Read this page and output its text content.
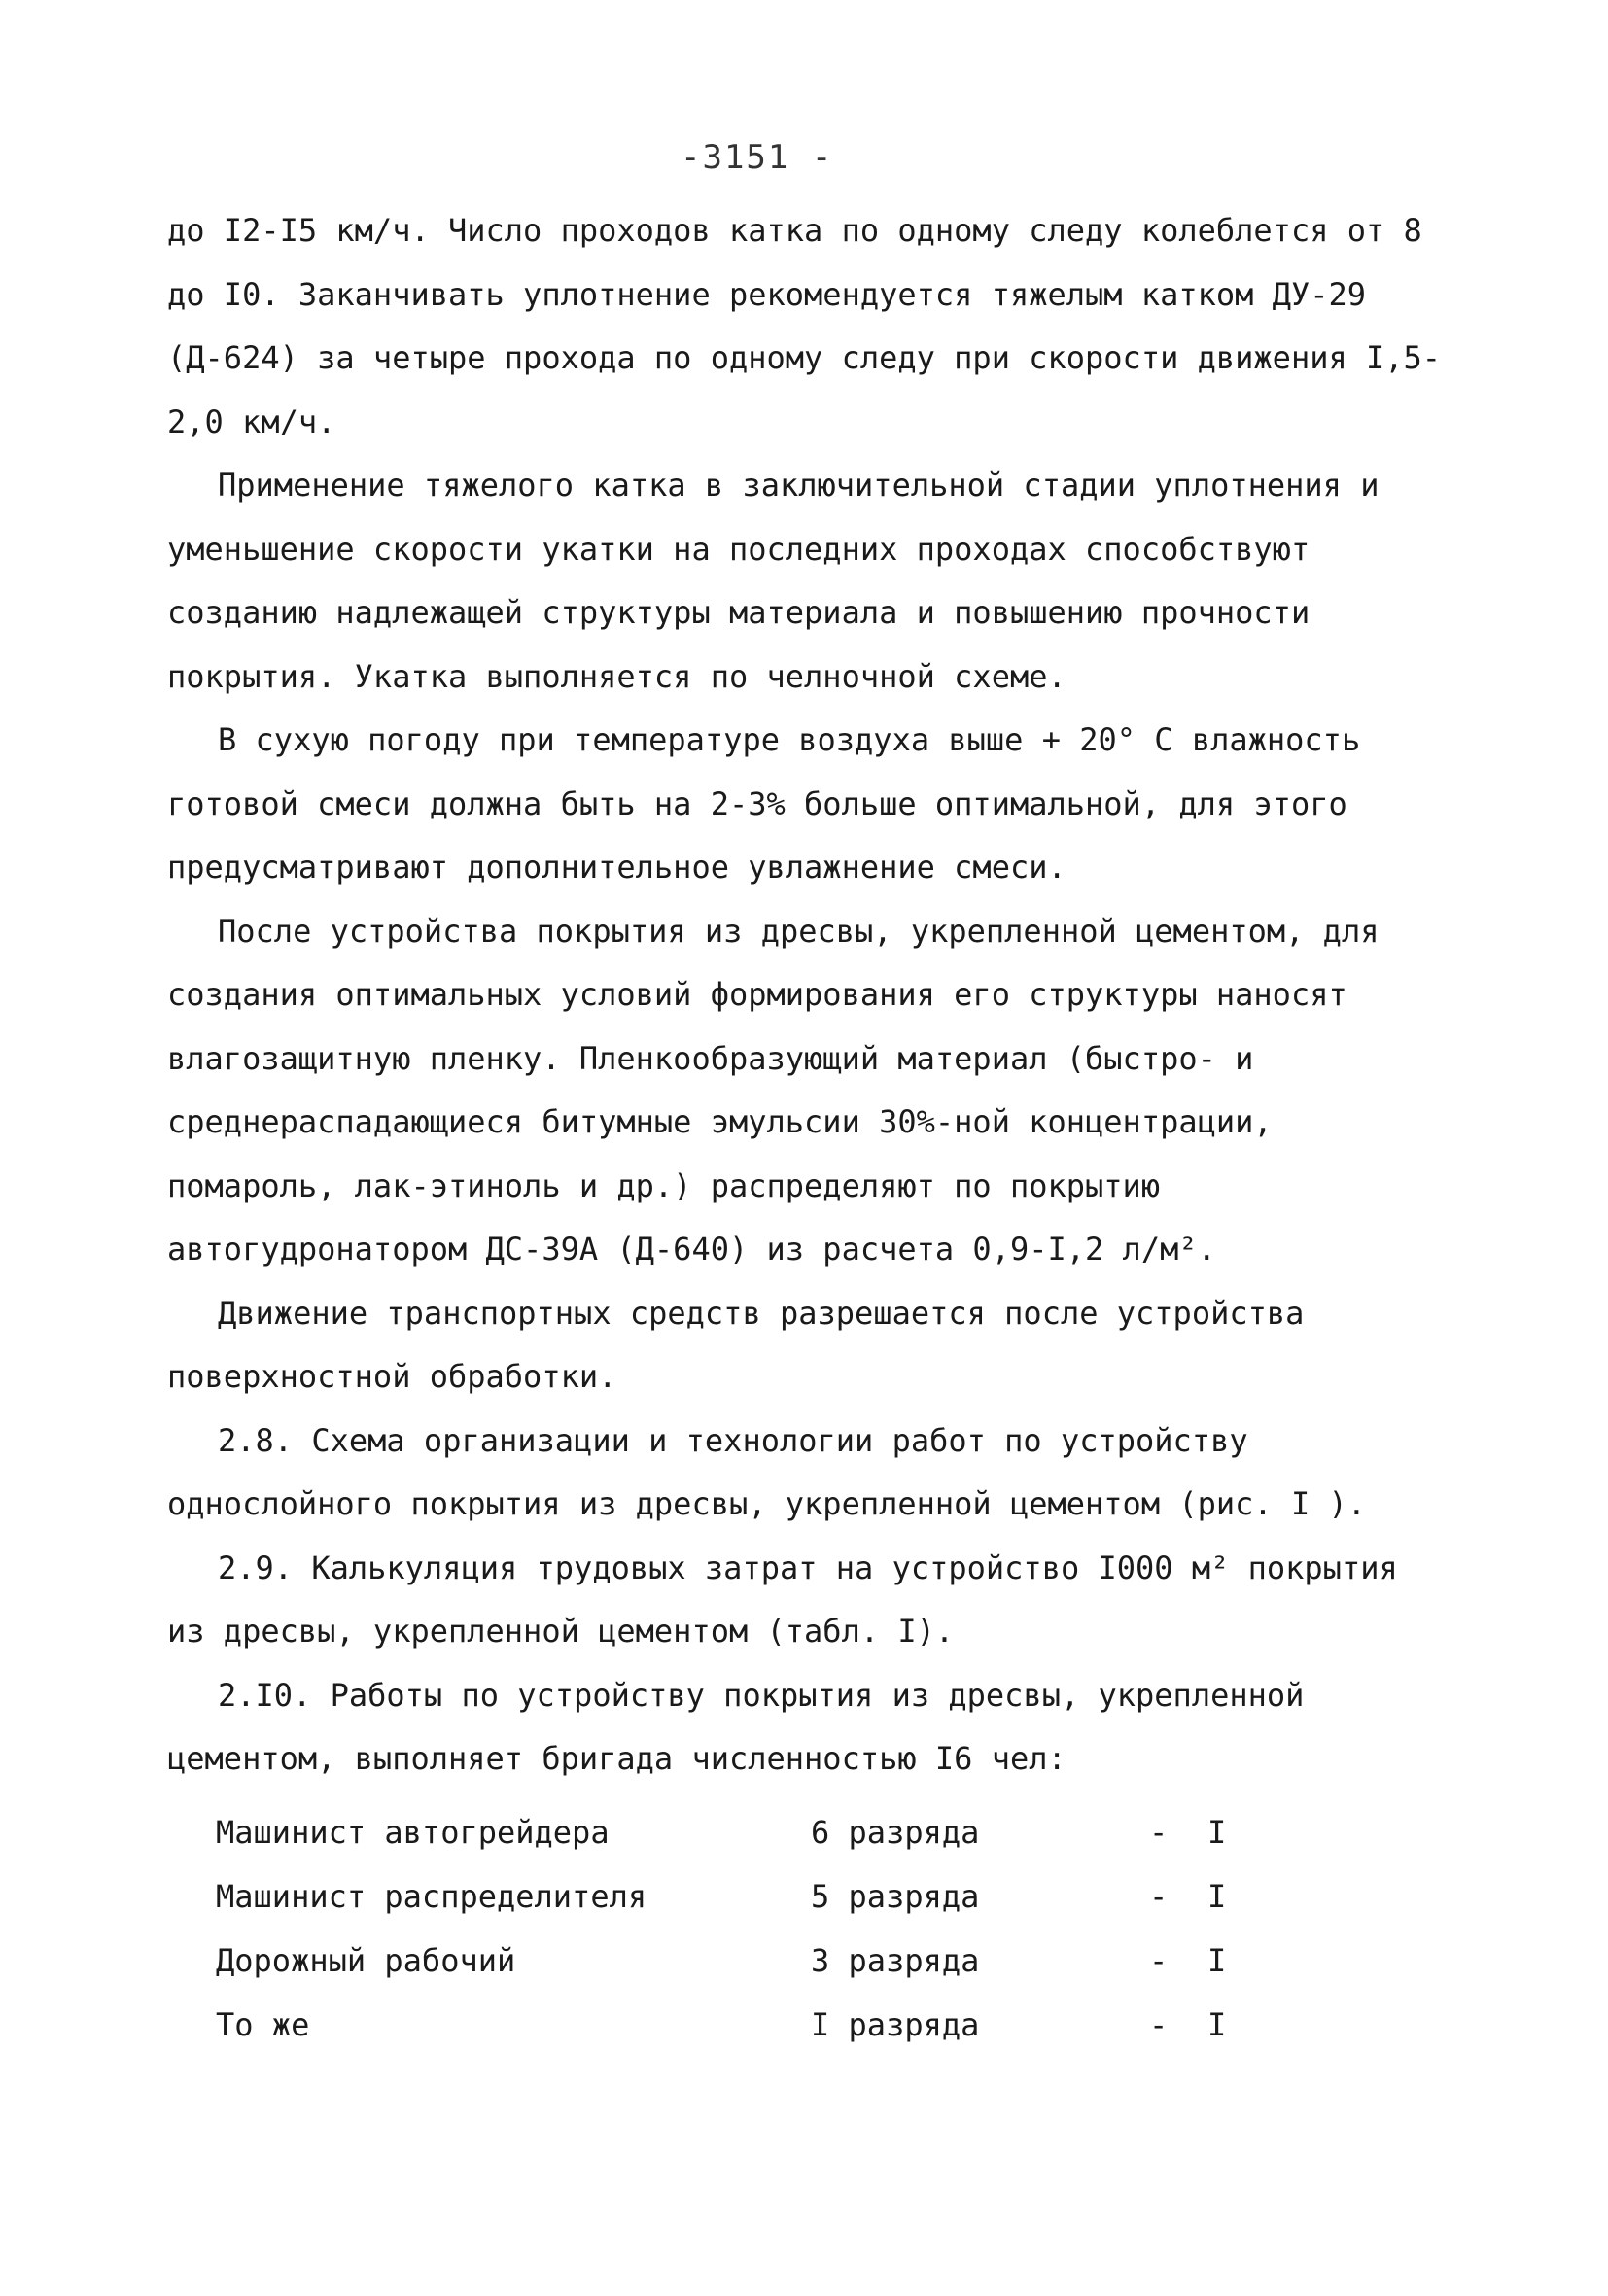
-3151 -

до I2-I5 км/ч. Число проходов катка по одному следу колеблется от 8 до I0. Заканчивать уплотнение рекомендуется тяжелым катком ДУ-29 (Д-624) за четыре прохода по одному следу при скорости движения I,5-2,0 км/ч.

Применение тяжелого катка в заключительной стадии уплотнения и уменьшение скорости укатки на последних проходах способствуют созданию надлежащей структуры материала и повышению прочности покрытия. Укатка выполняется по челночной схеме.

В сухую погоду при температуре воздуха выше + 20° С влажность готовой смеси должна быть на 2-3% больше оптимальной, для этого предусматривают дополнительное увлажнение смеси.

После устройства покрытия из дресвы, укрепленной цементом, для создания оптимальных условий формирования его структуры наносят влагозащитную пленку. Пленкообразующий материал (быстро- и среднераспадающиеся битумные эмульсии 30%-ной концентрации, помароль, лак-этиноль и др.) распределяют по покрытию автогудронатором ДС-39А (Д-640) из расчета 0,9-I,2 л/м².

Движение транспортных средств разрешается после устройства поверхностной обработки.

2.8. Схема организации и технологии работ по устройству однослойного покрытия из дресвы, укрепленной цементом (рис. I ).

2.9. Калькуляция трудовых затрат на устройство I000 м² покрытия из дресвы, укрепленной цементом (табл. I).

2.I0. Работы по устройству покрытия из дресвы, укрепленной цементом, выполняет бригада численностью I6 чел:

Машинист автогрейдера	6 разряда	- I
Машинист распределителя	5 разряда	- I
Дорожный рабочий	3 разряда	- I
То же	I разряда	- I
